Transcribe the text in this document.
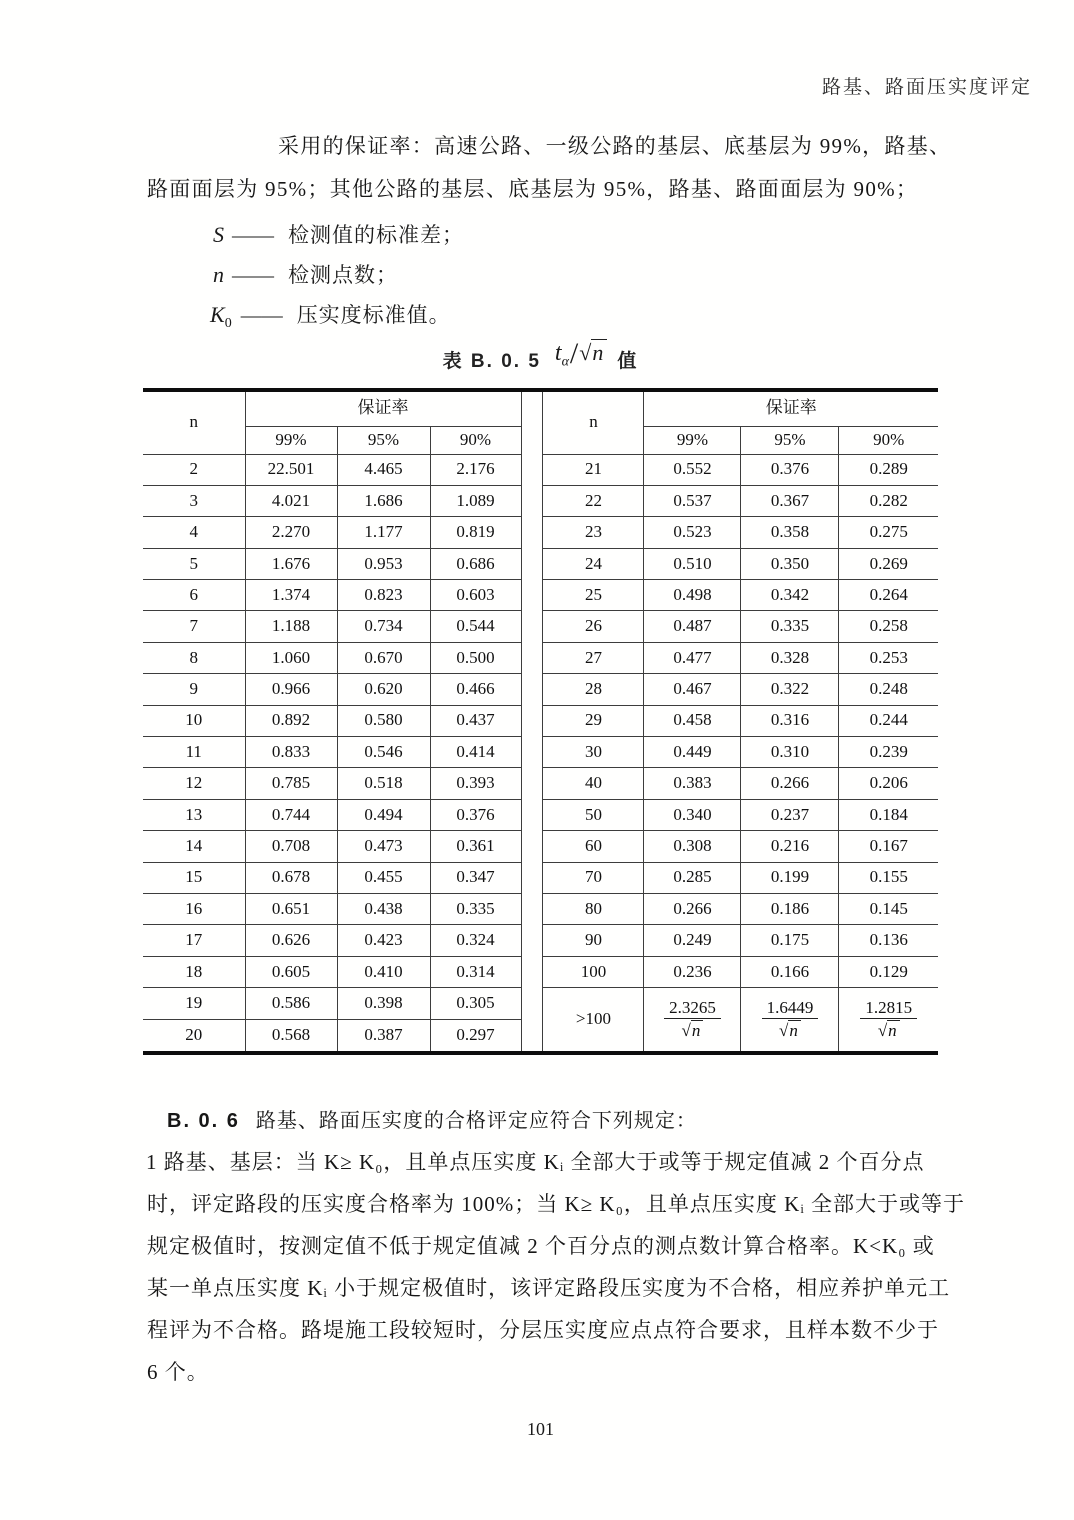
路基、路面压实度评定
采用的保证率：高速公路、一级公路的基层、底基层为 99%，路基、
路面面层为 95%；其他公路的基层、底基层为 95%，路基、路面面层为 90%；
S —— 检测值的标准差；
n —— 检测点数；
$K_0$ —— 压实度标准值。
表 B. 0. 5 $t_\alpha/√n$ 值
n	保证率		
	99%	95%	90%
2	22.501	4.465	2.176
3	4.021	1.686	1.089
4	2.270	1.177	0.819
5	1.676	0.953	0.686
6	1.374	0.823	0.603
7	1.188	0.734	0.544
8	1.060	0.670	0.500
9	0.966	0.620	0.466
10	0.892	0.580	0.437
11	0.833	0.546	0.414
12	0.785	0.518	0.393
13	0.744	0.494	0.376
14	0.708	0.473	0.361
15	0.678	0.455	0.347
16	0.651	0.438	0.335
17	0.626	0.423	0.324
18	0.605	0.410	0.314
19	0.586	0.398	0.305
20	0.568	0.387	0.297
n	保证率		
	99%	95%	90%
21	0.552	0.376	0.289
22	0.537	0.367	0.282
23	0.523	0.358	0.275
24	0.510	0.350	0.269
25	0.498	0.342	0.264
26	0.487	0.335	0.258
27	0.477	0.328	0.253
28	0.467	0.322	0.248
29	0.458	0.316	0.244
30	0.449	0.310	0.239
40	0.383	0.266	0.206
50	0.340	0.237	0.184
60	0.308	0.216	0.167
70	0.285	0.199	0.155
80	0.266	0.186	0.145
90	0.249	0.175	0.136
100	0.236	0.166	0.129
>100	$\frac{2.3265}{√n}$	$\frac{1.6449}{√n}$	$\frac{1.2815}{√n}$
B. 0. 6 路基、路面压实度的合格评定应符合下列规定：
1 路基、基层：当 K≥ K₀，且单点压实度 Kᵢ 全部大于或等于规定值减 2 个百分点
时，评定路段的压实度合格率为 100%；当 K≥ K₀，且单点压实度 Kᵢ 全部大于或等于
规定极值时，按测定值不低于规定值减 2 个百分点的测点数计算合格率。K<K₀ 或
某一单点压实度 Kᵢ 小于规定极值时，该评定路段压实度为不合格，相应养护单元工
程评为不合格。路堤施工段较短时，分层压实度应点点符合要求，且样本数不少于
6 个。
101
